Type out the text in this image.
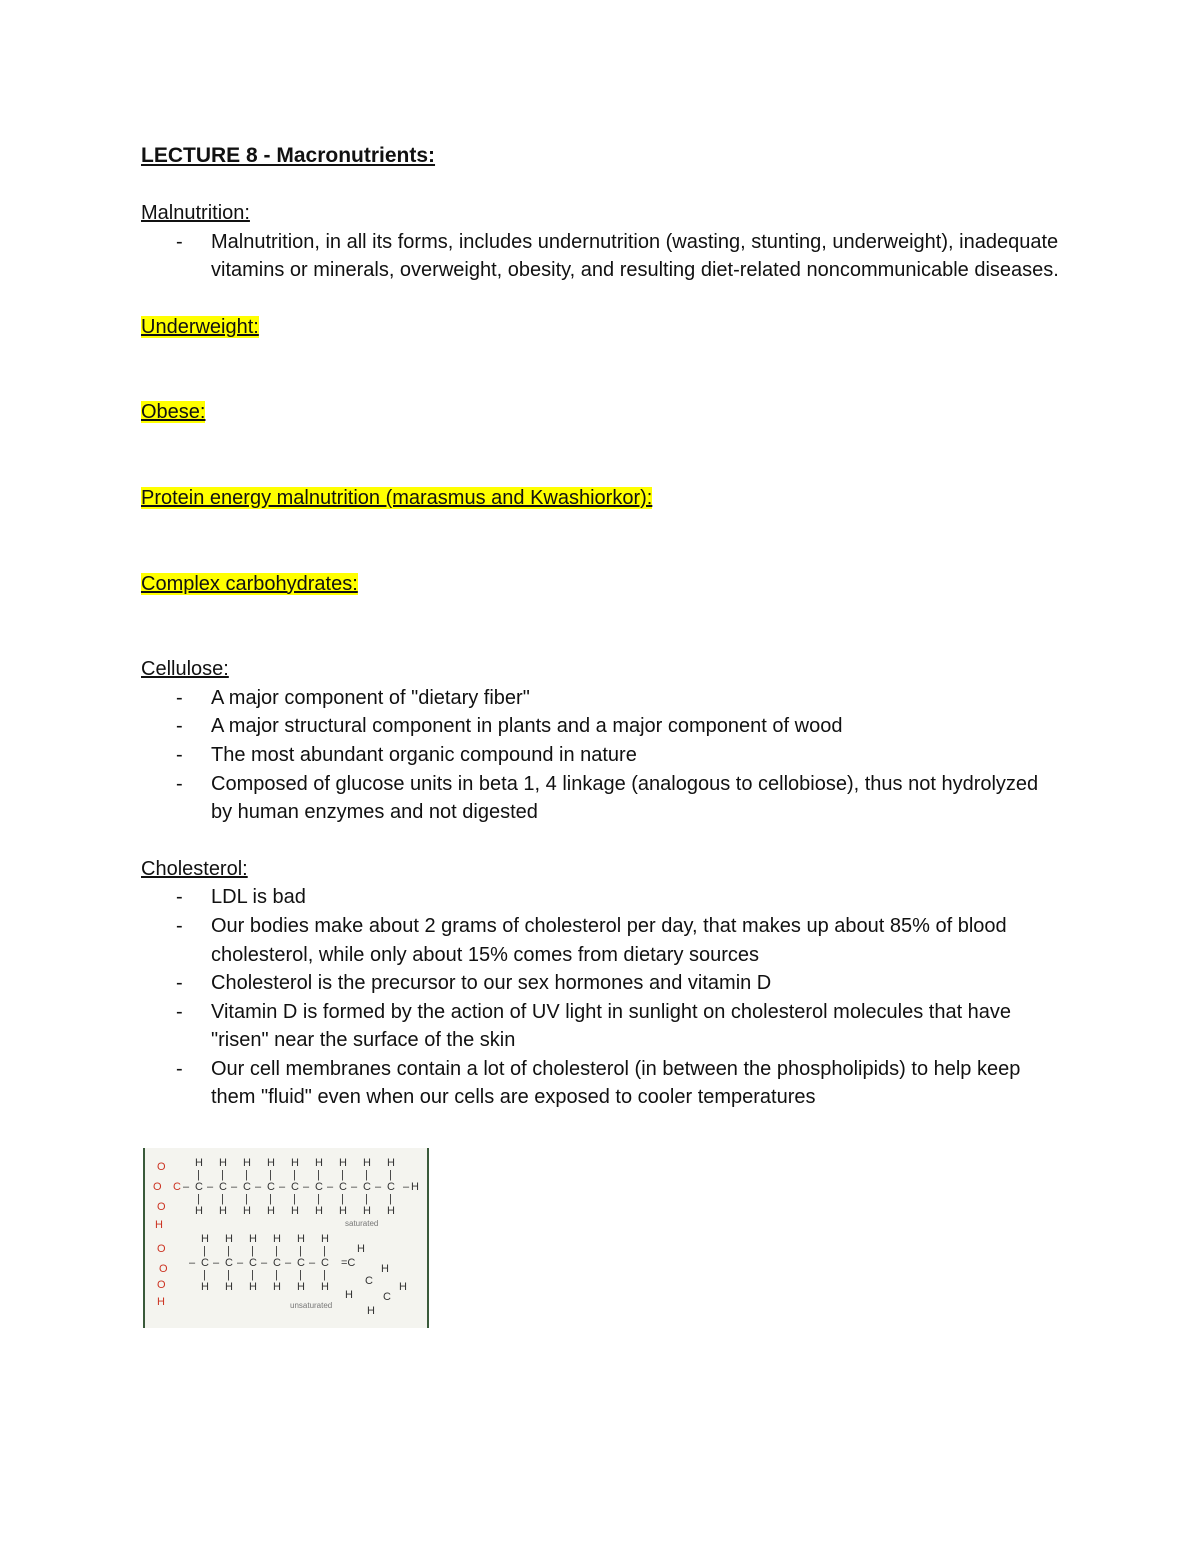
LECTURE 8 - Macronutrients:

Malnutrition:

- Malnutrition, in all its forms, includes undernutrition (wasting, stunting, underweight), inadequate vitamins or minerals, overweight, obesity, and resulting diet-related noncommunicable diseases.

Underweight:

Obese:

Protein energy malnutrition (marasmus and Kwashiorkor):

Complex carbohydrates:

Cellulose:

- A major component of "dietary fiber"
- A major structural component in plants and a major component of wood
- The most abundant organic compound in nature
- Composed of glucose units in beta 1, 4 linkage (analogous to cellobiose), thus not hydrolyzed by human enzymes and not digested

Cholesterol:

- LDL is bad
- Our bodies make about 2 grams of cholesterol per day, that makes up about 85% of blood cholesterol, while only about 15% comes from dietary sources
- Cholesterol is the precursor to our sex hormones and vitamin D
- Vitamin D is formed by the action of UV light in sunlight on cholesterol molecules that have "risen" near the surface of the skin
- Our cell membranes contain a lot of cholesterol (in between the phospholipids) to help keep them "fluid" even when our cells are exposed to cooler temperatures
O
O
O
H
C
H
|
C
–
|
H
H
|
C
–
|
H
H
|
C
–
|
H
H
|
C
–
|
H
H
|
C
–
|
H
H
|
C
–
|
H
H
|
C
–
|
H
H
|
C
–
|
H
H
|
C
–
|
H
H
–
saturated
O
O
O
H
H
|
C
–
|
H
H
|
C
–
|
H
H
|
C
–
|
H
H
|
C
–
|
H
H
|
C
–
|
H
H
|
C
–
|
H
=C
H
C
H
C
H
H
H
unsaturated
